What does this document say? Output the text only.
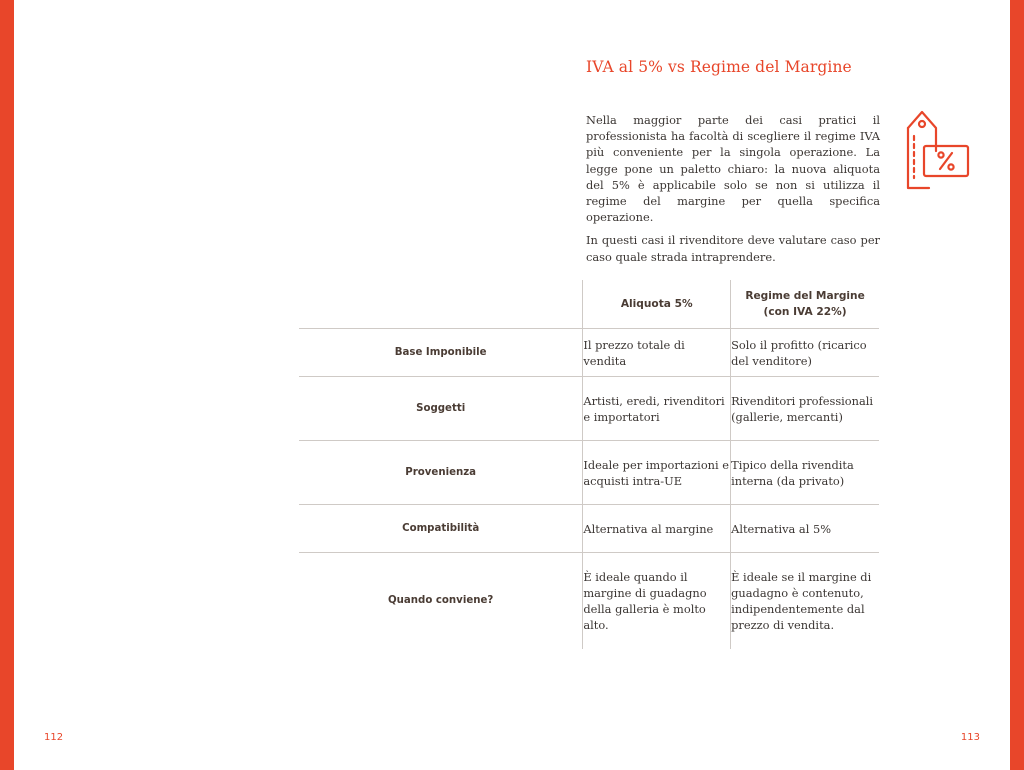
IVA al 5% vs Regime del Margine

Nella maggior parte dei casi pratici il professionista ha facoltà di scegliere il regime IVA più conveniente per la singola operazione. La legge pone un paletto chiaro: la nuova aliquota del 5% è applicabile solo se non si utilizza il regime del margine per quella specifica operazione.

In questi casi il rivenditore deve valutare caso per caso quale strada intraprendere.

	Aliquota 5%	Regime del Margine
(con IVA 22%)
Base Imponibile	Il prezzo totale di vendita	Solo il profitto (ricarico del venditore)
Soggetti	Artisti, eredi, rivenditori e importatori	Rivenditori professionali (gallerie, mercanti)
Provenienza	Ideale per importazioni e acquisti intra-UE	Tipico della rivendita interna (da privato)
Compatibilità	Alternativa al margine	Alternativa al 5%
Quando conviene?	È ideale quando il margine di guadagno della galleria è molto alto.	È ideale se il margine di guadagno è contenuto, indipendentemente dal prezzo di vendita.
112	113
